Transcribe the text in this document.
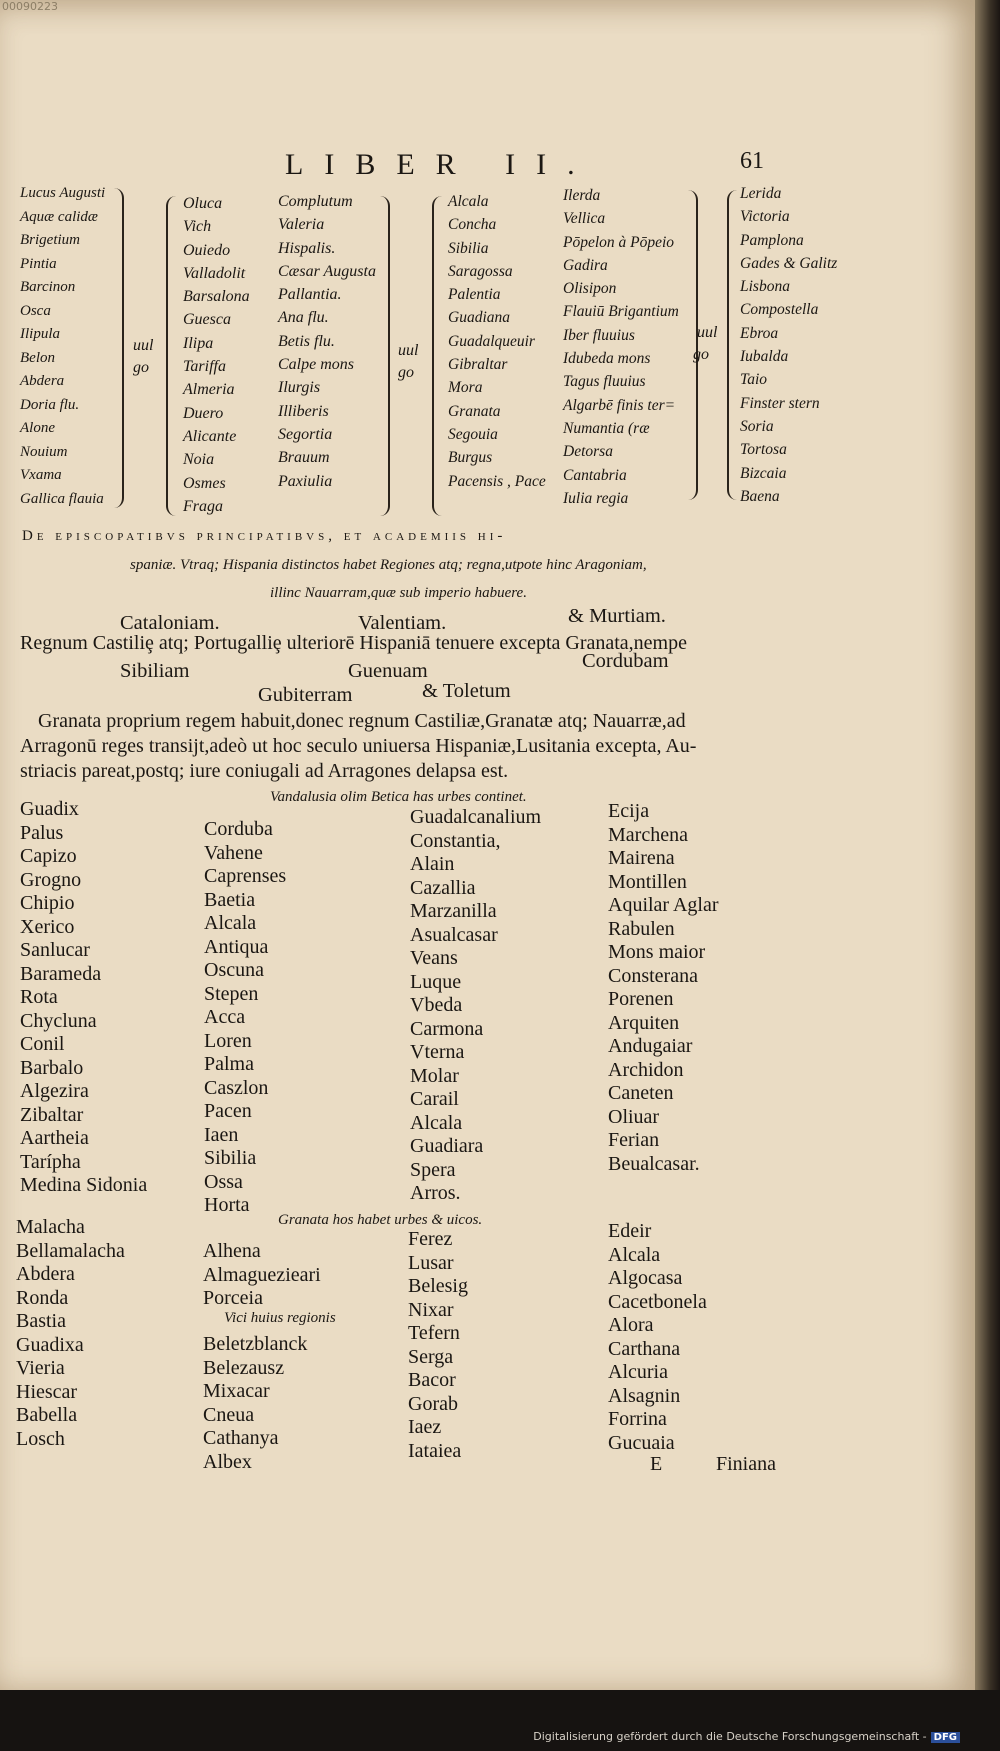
00090223
LIBER II.	61
Lucus Augusti
Aquæ calidæ
Brigetium
Pintia
Barcinon
Osca
Ilipula
Belon
Abdera
Doria flu.
Alone
Nouium
Vxama
Gallica flauia
uul
go
Oluca
Vich
Ouiedo
Valladolit
Barsalona
Guesca
Ilipa
Tariffa
Almeria
Duero
Alicante
Noia
Osmes
Fraga
Complutum
Valeria
Hispalis.
Cæsar Augusta
Pallantia.
Ana flu.
Betis flu.
Calpe mons
Ilurgis
Illiberis
Segortia
Brauum
Paxiulia
uul
go
Alcala
Concha
Sibilia
Saragossa
Palentia
Guadiana
Guadalqueuir
Gibraltar
Mora
Granata
Segouia
Burgus
Pacensis , Pace
Ilerda
Vellica
Pōpelon à Pōpeio
Gadira
Olisipon
Flauiū Brigantium
Iber fluuius
Idubeda mons
Tagus fluuius
Algarbē finis ter=
Numantia (ræ
Detorsa
Cantabria
Iulia regia
uul
go
Lerida
Victoria
Pamplona
Gades & Galitz
Lisbona
Compostella
Ebroa
Iubalda
Taio
Finster stern
Soria
Tortosa
Bizcaia
Baena
De episcopatibvs principatibvs, et academiis hi-
spaniæ. Vtraq; Hispania distinctos habet Regiones atq; regna,utpote hinc Aragoniam,
illinc Nauarram,quæ sub imperio habuere.
Cataloniam.	Valentiam.	& Murtiam.
Regnum Castiliȩ atq; Portugalliȩ ulteriorē Hispaniā tenuere excepta Granata,nempe
Sibiliam	Guenuam	Cordubam
Gubiterram	& Toletum
Granata proprium regem habuit,donec regnum Castiliæ,Granatæ atq; Nauarræ,ad
Arragonū reges transijt,adeò ut hoc seculo uniuersa Hispaniæ,Lusitania excepta, Au-
striacis pareat,postq; iure coniugali ad Arragones delapsa est.
Vandalusia olim Betica has urbes continet.
Guadix
Palus
Capizo
Grogno
Chipio
Xerico
Sanlucar
Barameda
Rota
Chycluna
Conil
Barbalo
Algezira
Zibaltar
Aartheia
Tarípha
Medina Sidonia
Corduba
Vahene
Caprenses
Baetia
Alcala
Antiqua
Oscuna
Stepen
Acca
Loren
Palma
Caszlon
Pacen
Iaen
Sibilia
Ossa
Horta
Guadalcanalium
Constantia,
Alain
Cazallia
Marzanilla
Asualcasar
Veans
Luque
Vbeda
Carmona
Vterna
Molar
Carail
Alcala
Guadiara
Spera
Arros.
Ecija
Marchena
Mairena
Montillen
Aquilar Aglar
Rabulen
Mons maior
Consterana
Porenen
Arquiten
Andugaiar
Archidon
Caneten
Oliuar
Ferian
Beualcasar.
Granata hos habet urbes & uicos.
Malacha
Bellamalacha
Abdera
Ronda
Bastia
Guadixa
Vieria
Hiescar
Babella
Losch
Alhena
Almaguezieari
Porceia
Vici huius regionis
Beletzblanck
Belezausz
Mixacar
Cneua
Cathanya
Albex
Ferez
Lusar
Belesig
Nixar
Tefern
Serga
Bacor
Gorab
Iaez
Iataiea
Edeir
Alcala
Algocasa
Cacetbonela
Alora
Carthana
Alcuria
Alsagnin
Forrina
Gucuaia
E	Finiana
Digitalisierung gefördert durch die Deutsche Forschungsgemeinschaft - DFG
